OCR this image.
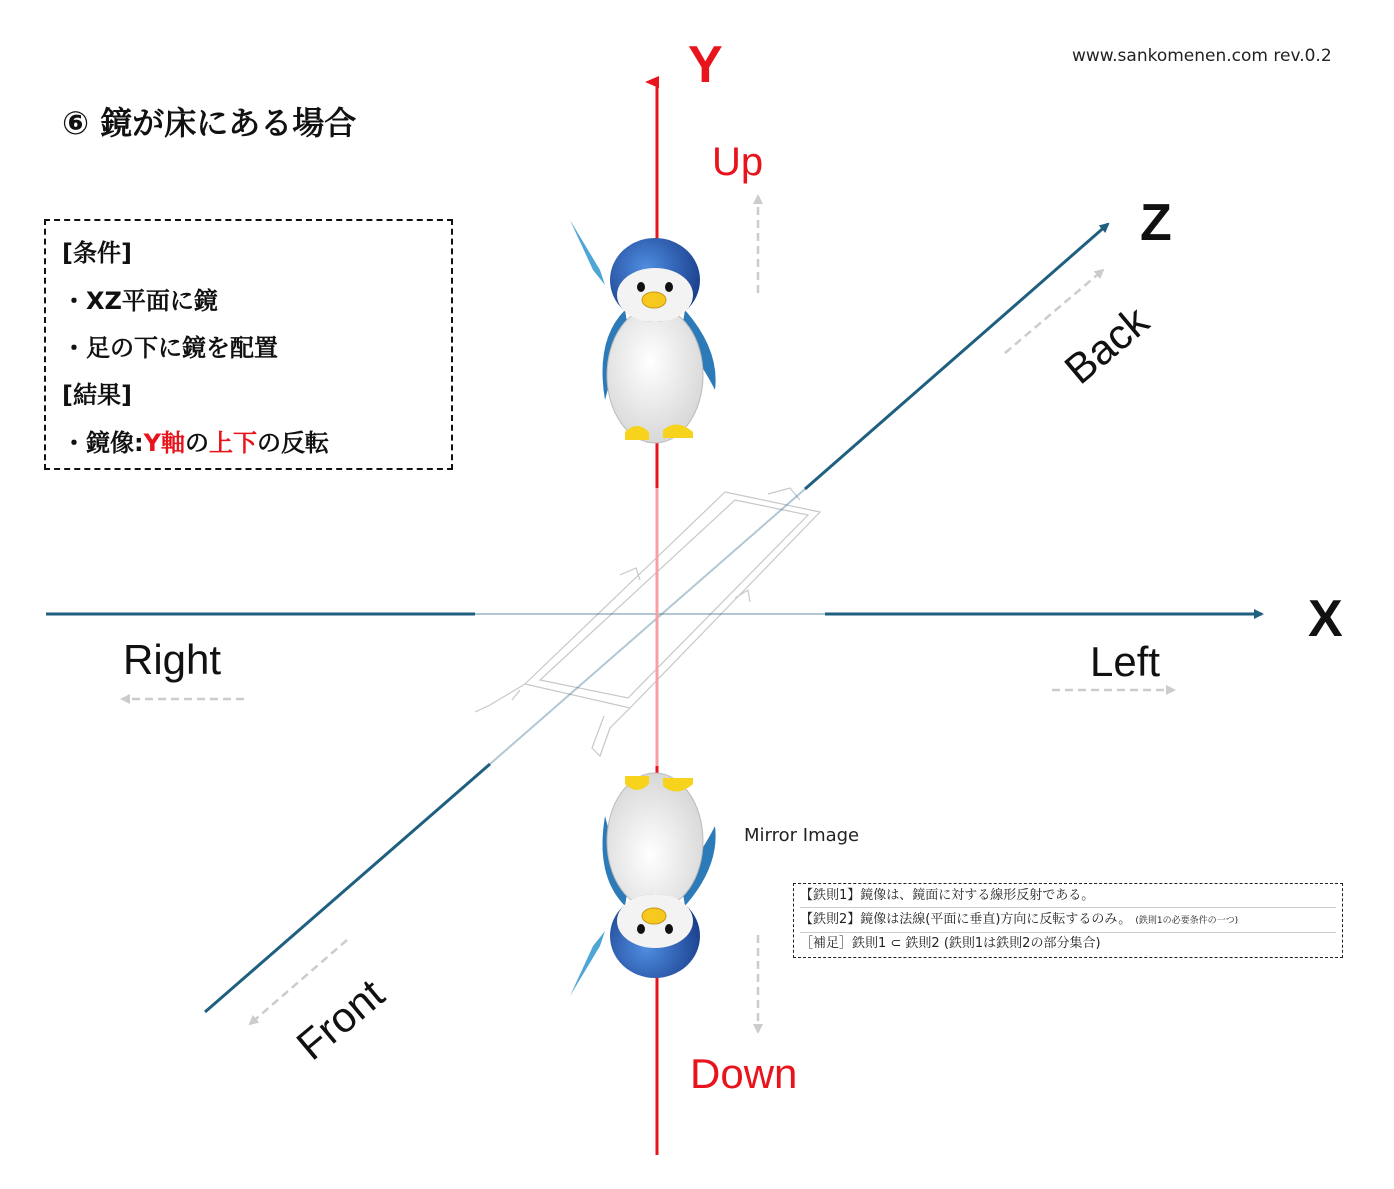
Y
Z
X
Up
Down
Right	Left
Back
Front
www.sankomenen.com rev.0.2
⑥ 鏡が床にある場合
[条件]
・XZ平面に鏡
・足の下に鏡を配置
[結果]
・鏡像:Y軸の上下の反転
Mirror Image
【鉄則1】鏡像は、鏡面に対する線形反射である。
【鉄則2】鏡像は法線(平面に垂直)方向に反転するのみ。 (鉄則1の必要条件の一つ)
［補足］鉄則1 ⊂ 鉄則2 (鉄則1は鉄則2の部分集合)
